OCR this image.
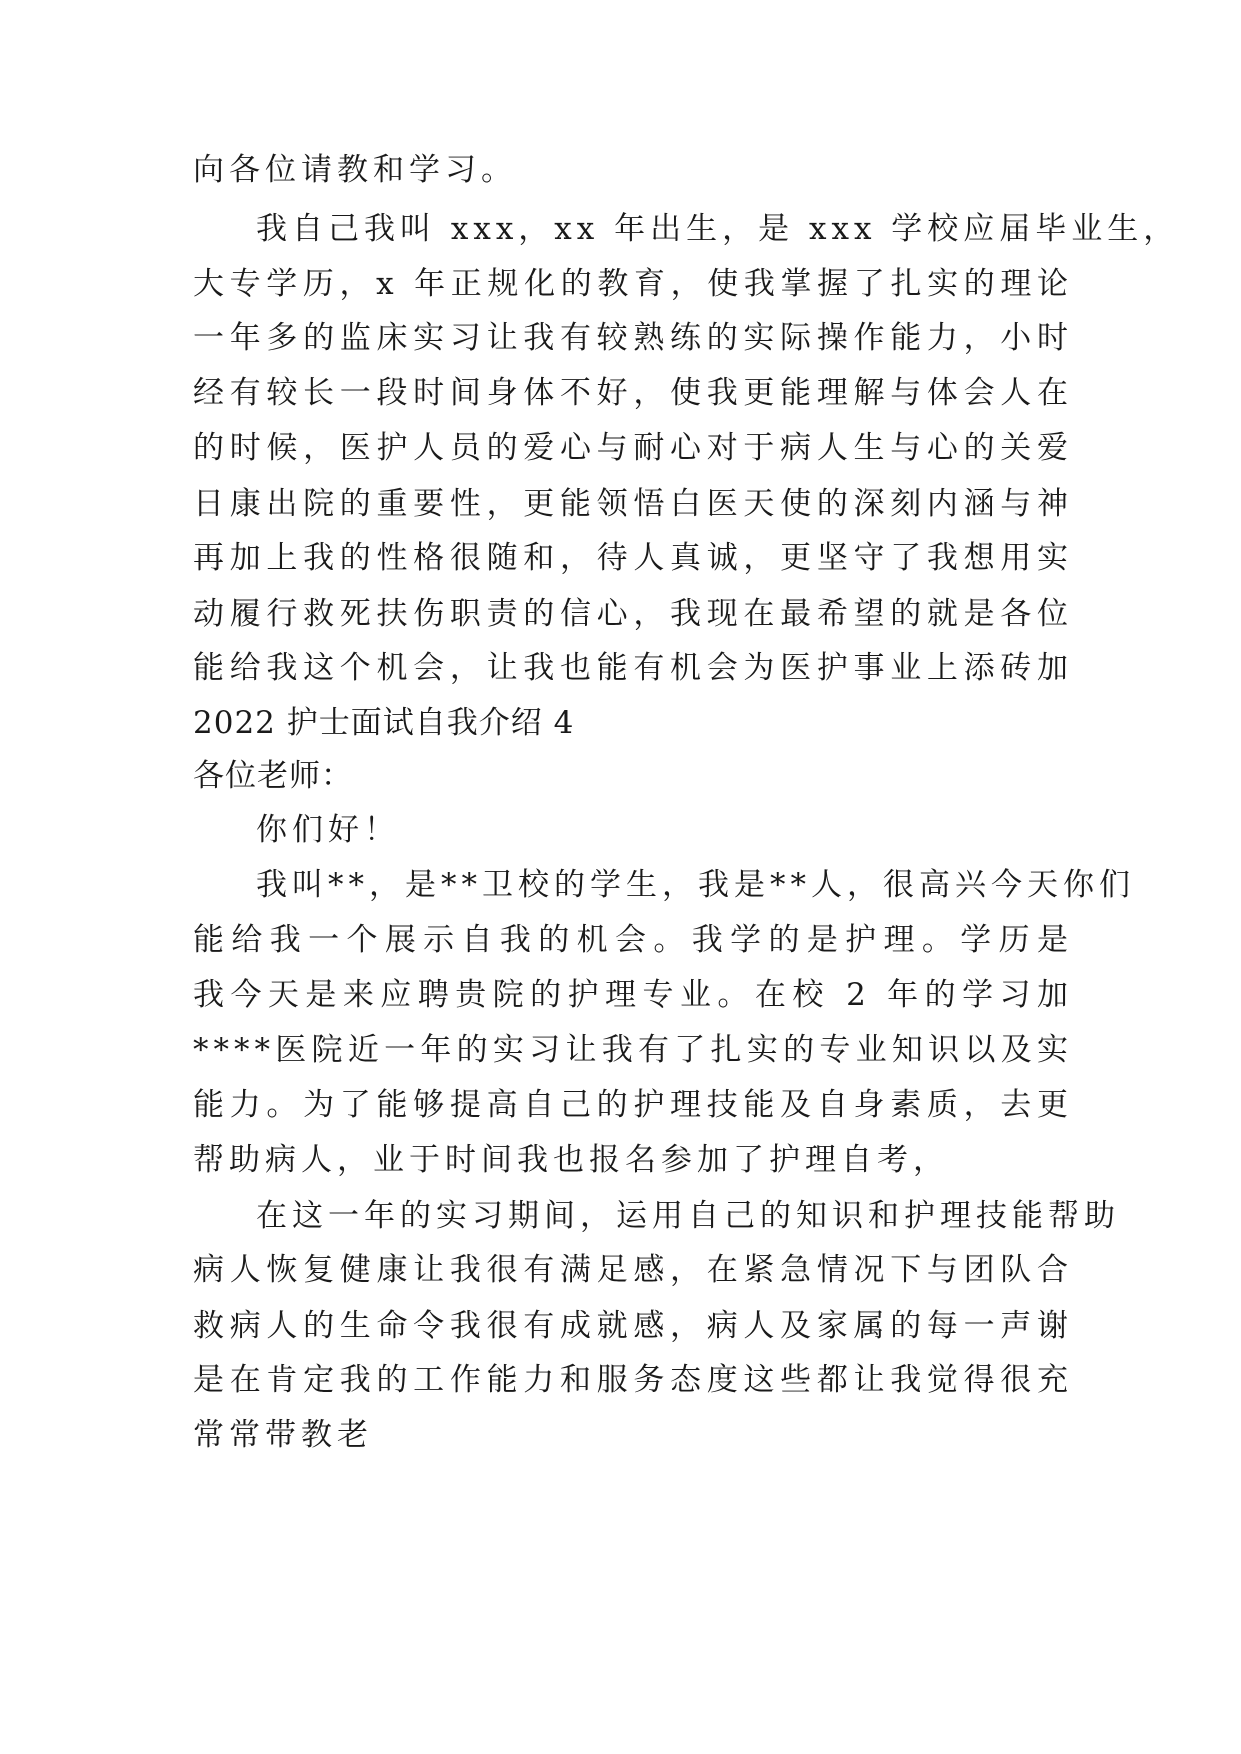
向各位请教和学习。
我自己我叫 xxx，xx 年出生，是 xxx 学校应届毕业生，
大专学历，x 年正规化的教育，使我掌握了扎实的理论
一年多的监床实习让我有较熟练的实际操作能力，小时
经有较长一段时间身体不好，使我更能理解与体会人在
的时候，医护人员的爱心与耐心对于病人生与心的关爱
日康出院的重要性，更能领悟白医天使的深刻内涵与神
再加上我的性格很随和，待人真诚，更坚守了我想用实
动履行救死扶伤职责的信心，我现在最希望的就是各位
能给我这个机会，让我也能有机会为医护事业上添砖加
2022 护士面试自我介绍 4
各位老师：
你们好！
我叫**，是**卫校的学生，我是**人，很高兴今天你们
能给我一个展示自我的机会。我学的是护理。学历是
我今天是来应聘贵院的护理专业。在校 2 年的学习加
****医院近一年的实习让我有了扎实的专业知识以及实
能力。为了能够提高自己的护理技能及自身素质，去更
帮助病人，业于时间我也报名参加了护理自考，
在这一年的实习期间，运用自己的知识和护理技能帮助
病人恢复健康让我很有满足感，在紧急情况下与团队合
救病人的生命令我很有成就感，病人及家属的每一声谢
是在肯定我的工作能力和服务态度这些都让我觉得很充
常常带教老
